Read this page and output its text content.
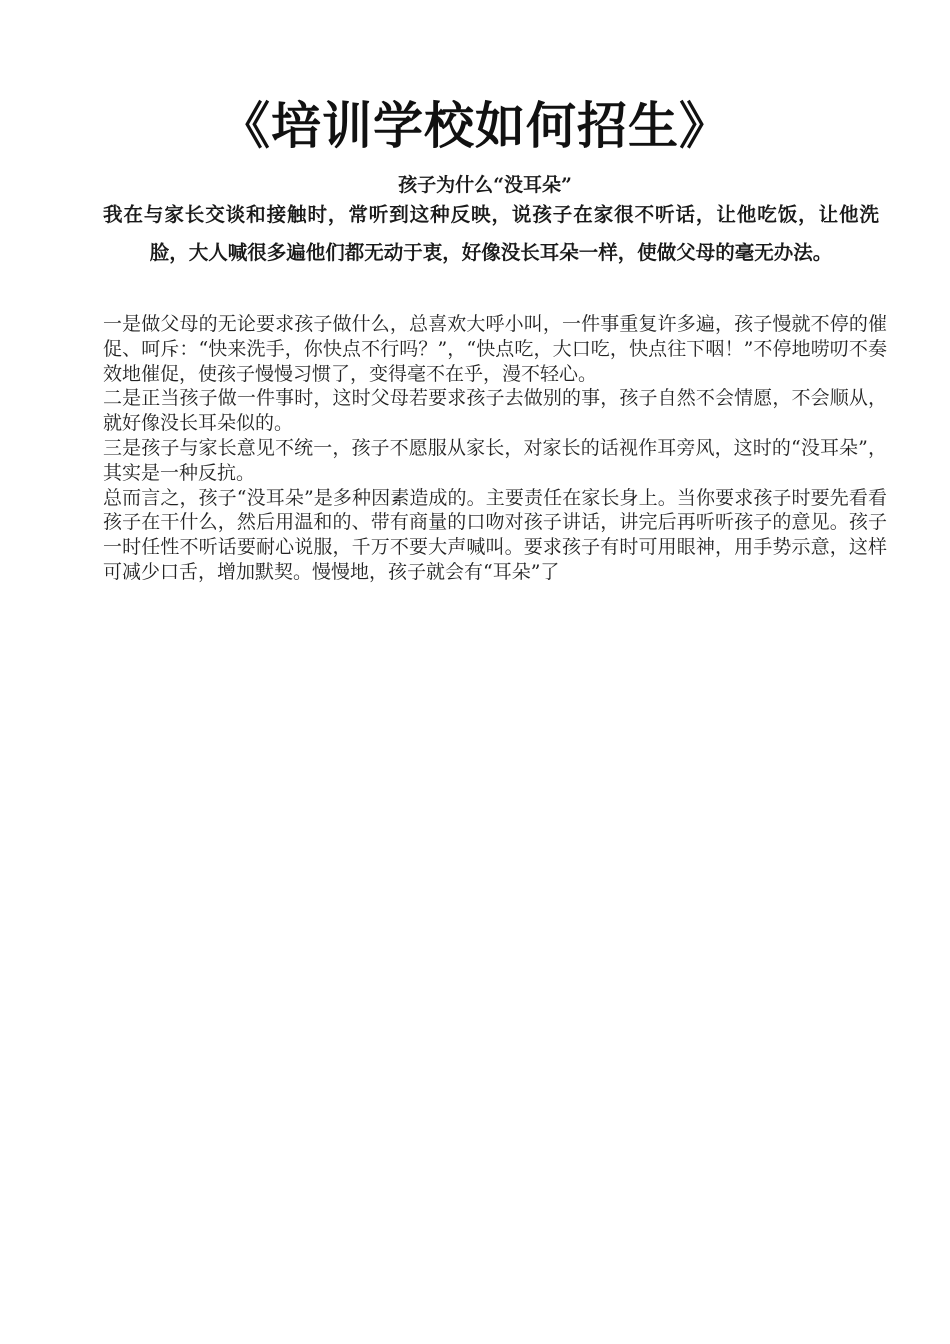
《培训学校如何招生》
孩子为什么“没耳朵”

我在与家长交谈和接触时，常听到这种反映，说孩子在家很不听话，让他吃饭，让他洗脸，大人喊很多遍他们都无动于衷，好像没长耳朵一样，使做父母的毫无办法。

一是做父母的无论要求孩子做什么，总喜欢大呼小叫，一件事重复许多遍，孩子慢就不停的催促、呵斥：“快来洗手，你快点不行吗？”，“快点吃，大口吃，快点往下咽！”不停地唠叨不奏效地催促，使孩子慢慢习惯了，变得毫不在乎，漫不轻心。

二是正当孩子做一件事时，这时父母若要求孩子去做别的事，孩子自然不会情愿，不会顺从，就好像没长耳朵似的。

三是孩子与家长意见不统一，孩子不愿服从家长，对家长的话视作耳旁风，这时的“没耳朵”，其实是一种反抗。

总而言之，孩子“没耳朵”是多种因素造成的。主要责任在家长身上。当你要求孩子时要先看看孩子在干什么，然后用温和的、带有商量的口吻对孩子讲话，讲完后再听听孩子的意见。孩子一时任性不听话要耐心说服，千万不要大声喊叫。要求孩子有时可用眼神，用手势示意，这样可减少口舌，增加默契。慢慢地，孩子就会有“耳朵”了
